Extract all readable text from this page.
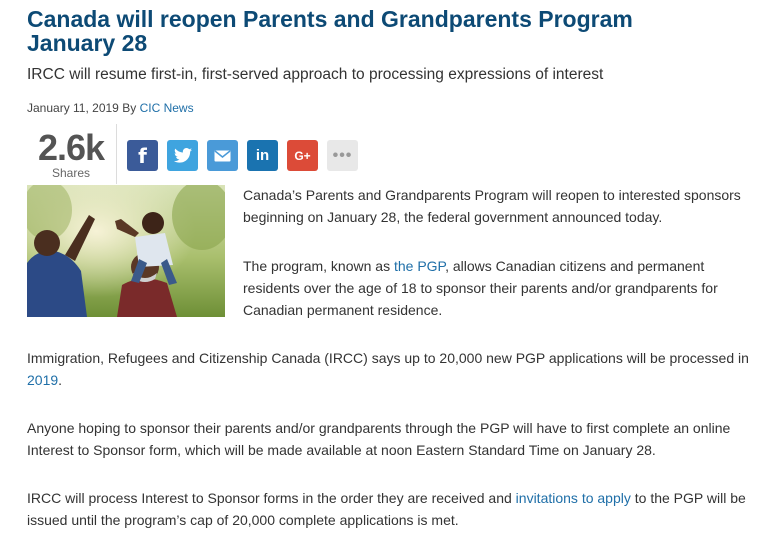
Canada will reopen Parents and Grandparents Program January 28

IRCC will resume first-in, first-served approach to processing expressions of interest

January 11, 2019 By CIC News
2.6k
Shares
f	in G+ •••

Canada’s Parents and Grandparents Program will reopen to interested sponsors beginning on January 28, the federal government announced today.

The program, known as the PGP, allows Canadian citizens and permanent residents over the age of 18 to sponsor their parents and/or grandparents for Canadian permanent residence.

Immigration, Refugees and Citizenship Canada (IRCC) says up to 20,000 new PGP applications will be processed in 2019.

Anyone hoping to sponsor their parents and/or grandparents through the PGP will have to first complete an online Interest to Sponsor form, which will be made available at noon Eastern Standard Time on January 28.

IRCC will process Interest to Sponsor forms in the order they are received and invitations to apply to the PGP will be issued until the program’s cap of 20,000 complete applications is met.
